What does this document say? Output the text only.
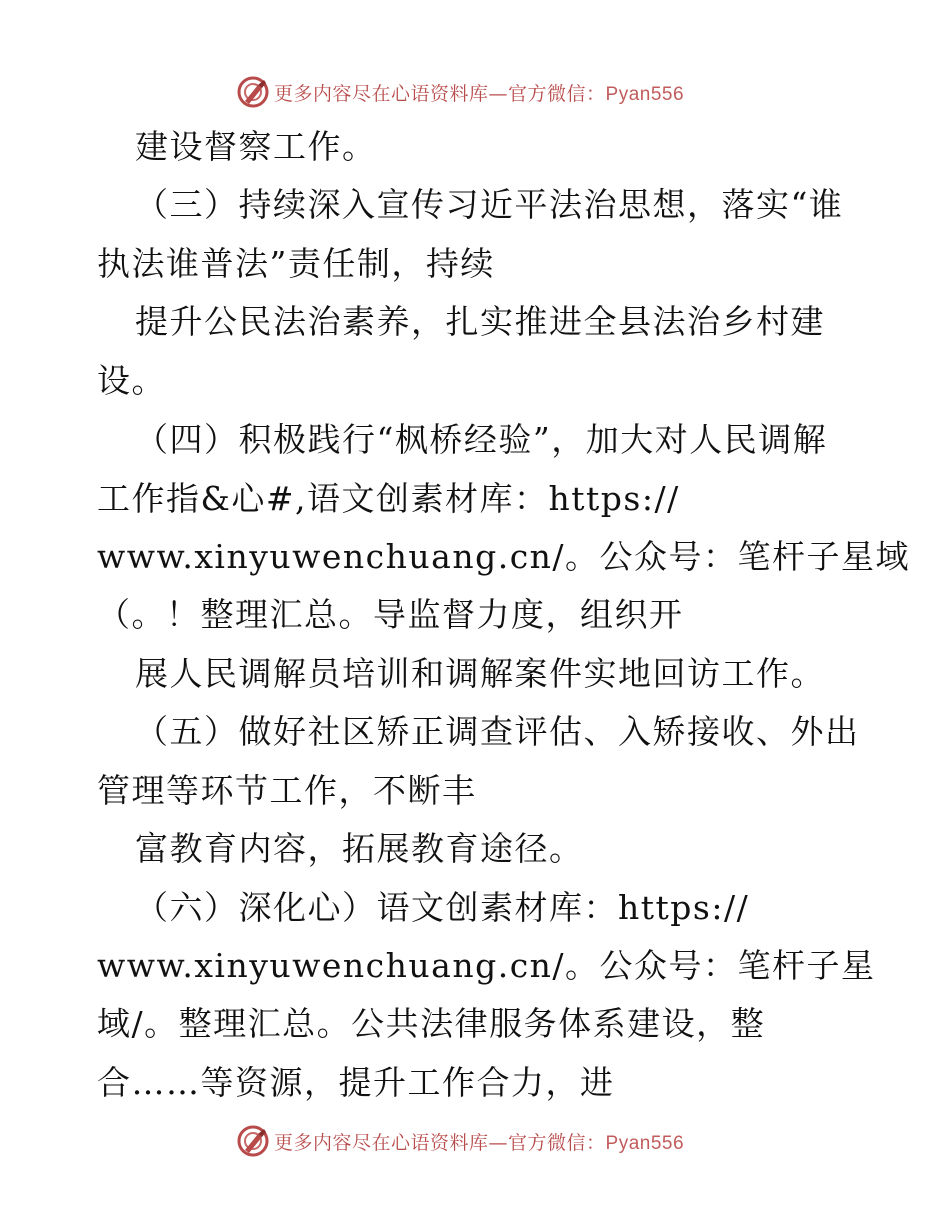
更多内容尽在心语资料库—官方微信：Pyan556
建设督察工作。
（三）持续深入宣传习近平法治思想，落实“谁
执法谁普法”责任制，持续
提升公民法治素养，扎实推进全县法治乡村建
设。
（四）积极践行“枫桥经验”，加大对人民调解
工作指&心#,语文创素材库：https://
www.xinyuwenchuang.cn/。公众号：笔杆子星域
（。！整理汇总。导监督力度，组织开
展人民调解员培训和调解案件实地回访工作。
（五）做好社区矫正调查评估、入矫接收、外出
管理等环节工作，不断丰
富教育内容，拓展教育途径。
（六）深化心）语文创素材库：https://
www.xinyuwenchuang.cn/。公众号：笔杆子星
域/。整理汇总。公共法律服务体系建设，整
合……等资源，提升工作合力，进
更多内容尽在心语资料库—官方微信：Pyan556
